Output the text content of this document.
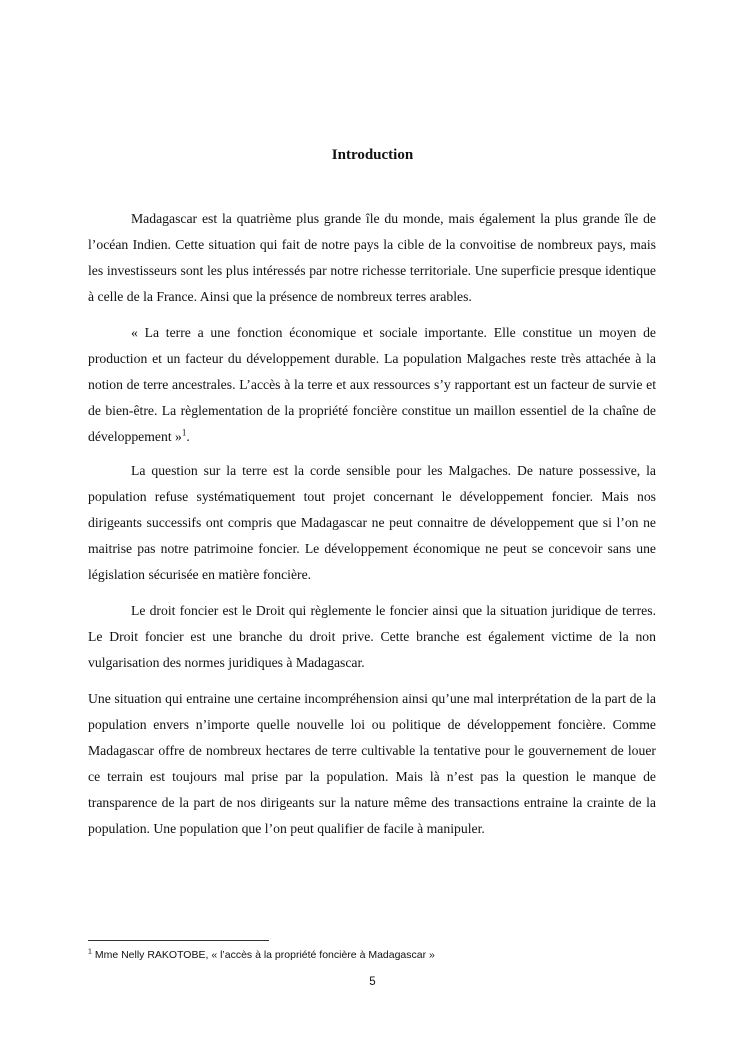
Introduction

Madagascar est la quatrième plus grande île du monde, mais également la plus grande île de l’océan Indien. Cette situation qui fait de notre pays la cible de la convoitise de nombreux pays, mais les investisseurs sont les plus intéressés par notre richesse territoriale. Une superficie presque identique à celle de la France. Ainsi que la présence de nombreux terres arables.

« La terre a une fonction économique et sociale importante. Elle constitue un moyen de production et un facteur du développement durable. La population Malgaches reste très attachée à la notion de terre ancestrales. L’accès à la terre et aux ressources s’y rapportant est un facteur de survie et de bien-être. La règlementation de la propriété foncière constitue un maillon essentiel de la chaîne de développement »$^1$.

La question sur la terre est la corde sensible pour les Malgaches. De nature possessive, la population refuse systématiquement tout projet concernant le développement foncier. Mais nos dirigeants successifs ont compris que Madagascar ne peut connaitre de développement que si l’on ne maitrise pas notre patrimoine foncier. Le développement économique ne peut se concevoir sans une législation sécurisée en matière foncière.

Le droit foncier est le Droit qui règlemente le foncier ainsi que la situation juridique de terres. Le Droit foncier est une branche du droit prive. Cette branche est également victime de la non vulgarisation des normes juridiques à Madagascar.

Une situation qui entraine une certaine incompréhension ainsi qu’une mal interprétation de la part de la population envers n’importe quelle nouvelle loi ou politique de développement foncière. Comme Madagascar offre de nombreux hectares de terre cultivable la tentative pour le gouvernement de louer ce terrain est toujours mal prise par la population. Mais là n’est pas la question le manque de transparence de la part de nos dirigeants sur la nature même des transactions entraine la crainte de la population. Une population que l’on peut qualifier de facile à manipuler.

$^1$ Mme Nelly RAKOTOBE, « l’accès à la propriété foncière à Madagascar »
5
